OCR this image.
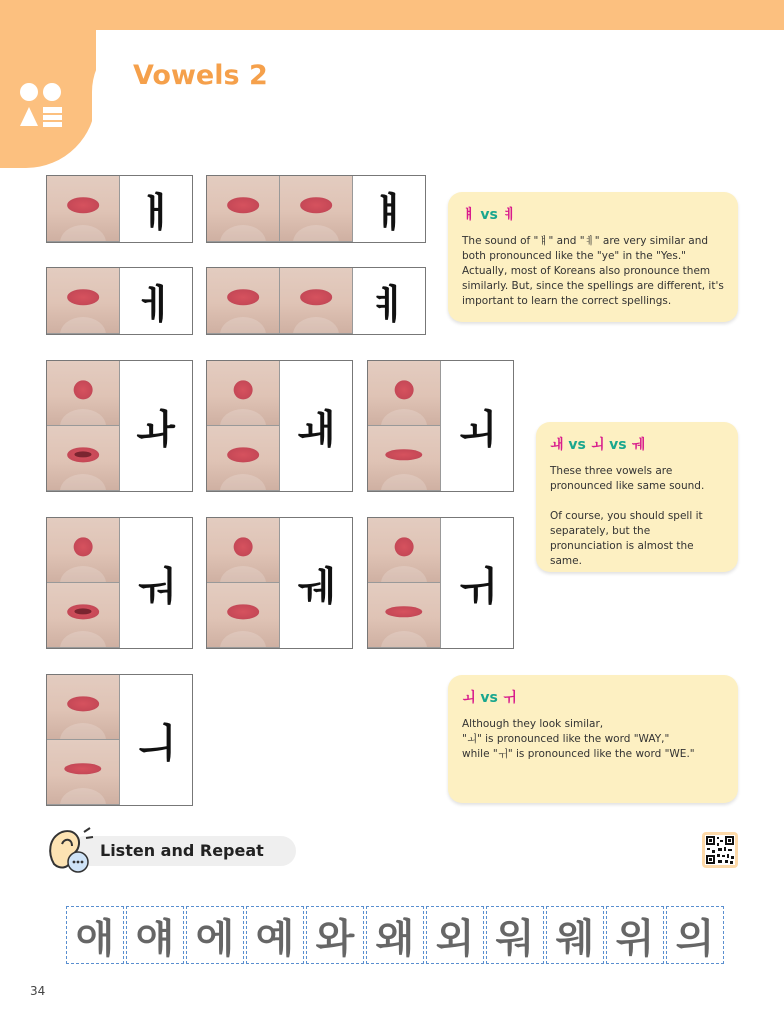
Vowels 2
ㅐ	ㅒ
ㅔ	ㅖ
ㅘ	ㅙ	ㅚ
ㅝ	ㅞ	ㅟ
ㅢ
ㅒ vs ㅖ
The sound of "ㅒ" and "ㅖ" are very similar and both pronounced like the "ye" in the "Yes."
Actually, most of Koreans also pronounce them similarly. But, since the spellings are different, it's important to learn the correct spellings.
ㅙ vs ㅚ vs ㅞ
These three vowels are pronounced like same sound.

Of course, you should spell it separately, but the pronunciation is almost the same.
ㅚ vs ㅟ
Although they look similar,
"ㅚ" is pronounced like the word "WAY,"
while "ㅟ" is pronounced like the word "WE."
Listen and Repeat
애 얘 에 예 와 왜 외 워 웨 위 의
34
